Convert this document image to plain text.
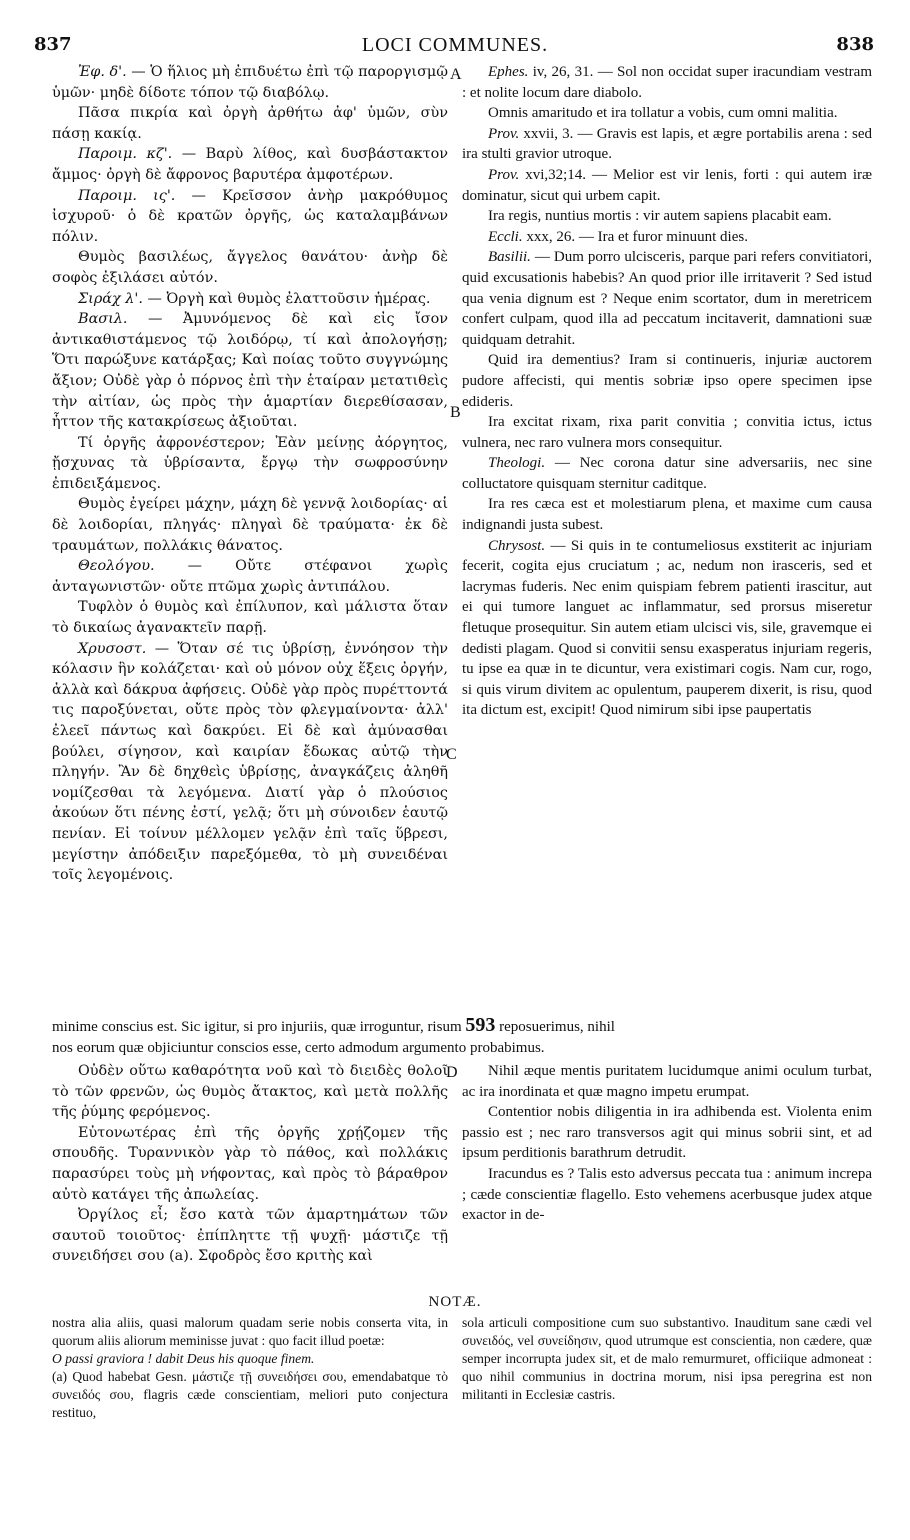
837	LOCI COMMUNES.	838

Ἐφ. δ'. — Ὁ ἥλιος μὴ ἐπιδυέτω ἐπὶ τῷ παροργισμῷ ὑμῶν· μηδὲ δίδοτε τόπον τῷ διαβόλῳ.

Πᾶσα πικρία καὶ ὀργὴ ἀρθήτω ἀφ' ὑμῶν, σὺν πάσῃ κακίᾳ.

Παροιμ. κζ'. — Βαρὺ λίθος, καὶ δυσβάστακτον ἄμμος· ὀργὴ δὲ ἄφρονος βαρυτέρα ἀμφοτέρων.

Παροιμ. ις'. — Κρεῖσσον ἀνὴρ μακρόθυμος ἰσχυροῦ· ὁ δὲ κρατῶν ὀργῆς, ὡς καταλαμβάνων πόλιν.

Θυμὸς βασιλέως, ἄγγελος θανάτου· ἀνὴρ δὲ σοφὸς ἐξιλάσει αὐτόν.

Σιράχ λ'. — Ὀργὴ καὶ θυμὸς ἐλαττοῦσιν ἡμέρας.

Βασιλ. — Ἀμυνόμενος δὲ καὶ εἰς ἴσον ἀντικαθιστάμενος τῷ λοιδόρῳ, τί καὶ ἀπολογήσῃ; Ὅτι παρώξυνε κατάρξας; Καὶ ποίας τοῦτο συγγνώμης ἄξιον; Οὐδὲ γὰρ ὁ πόρνος ἐπὶ τὴν ἑταίραν μετατιθεὶς τὴν αἰτίαν, ὡς πρὸς τὴν ἁμαρτίαν διερεθίσασαν, ἧττον τῆς κατακρίσεως ἀξιοῦται.

Τί ὀργῆς ἀφρονέστερον; Ἐὰν μείνῃς ἀόργητος, ᾔσχυνας τὰ ὑβρίσαντα, ἔργῳ τὴν σωφροσύνην ἐπιδειξάμενος.

Θυμὸς ἐγείρει μάχην, μάχη δὲ γεννᾷ λοιδορίας· αἱ δὲ λοιδορίαι, πληγάς· πληγαὶ δὲ τραύματα· ἐκ δὲ τραυμάτων, πολλάκις θάνατος.

Θεολόγου. — Οὔτε στέφανοι χωρὶς ἀνταγωνιστῶν· οὔτε πτῶμα χωρὶς ἀντιπάλου.

Τυφλὸν ὁ θυμὸς καὶ ἐπίλυπον, καὶ μάλιστα ὅταν τὸ δικαίως ἀγανακτεῖν παρῇ.

Χρυσοστ. — Ὅταν σέ τις ὑβρίσῃ, ἐννόησον τὴν κόλασιν ἣν κολάζεται· καὶ οὐ μόνον οὐχ ἕξεις ὀργήν, ἀλλὰ καὶ δάκρυα ἀφήσεις. Οὐδὲ γὰρ πρὸς πυρέττοντά τις παροξύνεται, οὔτε πρὸς τὸν φλεγμαίνοντα· ἀλλ' ἐλεεῖ πάντως καὶ δακρύει. Εἰ δὲ καὶ ἀμύνασθαι βούλει, σίγησον, καὶ καιρίαν ἔδωκας αὐτῷ τὴν πληγήν. Ἂν δὲ δηχθεὶς ὑβρίσῃς, ἀναγκάζεις ἀληθῆ νομίζεσθαι τὰ λεγόμενα. Διατί γὰρ ὁ πλούσιος ἀκούων ὅτι πένης ἐστί, γελᾷ; ὅτι μὴ σύνοιδεν ἑαυτῷ πενίαν. Εἰ τοίνυν μέλλομεν γελᾷν ἐπὶ ταῖς ὕβρεσι, μεγίστην ἀπόδειξιν παρεξόμεθα, τὸ μὴ συνειδέναι τοῖς λεγομένοις.

Ephes. iv, 26, 31. — Sol non occidat super iracundiam vestram : et nolite locum dare diabolo.

Omnis amaritudo et ira tollatur a vobis, cum omni malitia.

Prov. xxvii, 3. — Gravis est lapis, et ægre portabilis arena : sed ira stulti gravior utroque.

Prov. xvi,32;14. — Melior est vir lenis, forti : qui autem iræ dominatur, sicut qui urbem capit.

Ira regis, nuntius mortis : vir autem sapiens placabit eam.

Eccli. xxx, 26. — Ira et furor minuunt dies.

Basilii. — Dum porro ulcisceris, parque pari refers convitiatori, quid excusationis habebis? An quod prior ille irritaverit ? Sed istud qua venia dignum est ? Neque enim scortator, dum in meretricem confert culpam, quod illa ad peccatum incitaverit, damnationi suæ quidquam detrahit.

Quid ira dementius? Iram si continueris, injuriæ auctorem pudore affecisti, qui mentis sobriæ ipso opere specimen ipse edideris.

Ira excitat rixam, rixa parit convitia ; convitia ictus, ictus vulnera, nec raro vulnera mors consequitur.

Theologi. — Nec corona datur sine adversariis, nec sine colluctatore quisquam sternitur caditque.

Ira res cæca est et molestiarum plena, et maxime cum causa indignandi justa subest.

Chrysost. — Si quis in te contumeliosus exstiterit ac injuriam fecerit, cogita ejus cruciatum ; ac, nedum non irasceris, sed et lacrymas fuderis. Nec enim quispiam febrem patienti irascitur, aut ei qui tumore languet ac inflammatur, sed prorsus miseretur fletuque prosequitur. Sin autem etiam ulcisci vis, sile, gravemque ei dedisti plagam. Quod si convitii sensu exasperatus injuriam regeris, tu ipse ea quæ in te dicuntur, vera existimari cogis. Nam cur, rogo, si quis virum divitem ac opulentum, pauperem dixerit, is risu, quod ita dictum est, excipit! Quod nimirum sibi ipse paupertatis

A
B
C
D

minime conscius est. Sic igitur, si pro injuriis, quæ irroguntur, risum 593 reposuerimus, nihil

nos eorum quæ objiciuntur conscios esse, certo admodum argumento probabimus.

Οὐδὲν οὕτω καθαρότητα νοῦ καὶ τὸ διειδὲς θολοῖ τὸ τῶν φρενῶν, ὡς θυμὸς ἄτακτος, καὶ μετὰ πολλῆς τῆς ῥύμης φερόμενος.

Εὐτονωτέρας ἐπὶ τῆς ὀργῆς χρῄζομεν τῆς σπουδῆς. Τυραννικὸν γὰρ τὸ πάθος, καὶ πολλάκις παρασύρει τοὺς μὴ νήφοντας, καὶ πρὸς τὸ βάραθρον αὐτὸ κατάγει τῆς ἀπωλείας.

Ὀργίλος εἶ; ἔσο κατὰ τῶν ἁμαρτημάτων τῶν σαυτοῦ τοιοῦτος· ἐπίπληττε τῇ ψυχῇ· μάστιζε τῇ συνειδήσει σου (a). Σφοδρὸς ἔσο κριτὴς καὶ

Nihil æque mentis puritatem lucidumque animi oculum turbat, ac ira inordinata et quæ magno impetu erumpat.

Contentior nobis diligentia in ira adhibenda est. Violenta enim passio est ; nec raro transversos agit qui minus sobrii sint, et ad ipsum perditionis barathrum detrudit.

Iracundus es ? Talis esto adversus peccata tua : animum increpa ; cæde conscientiæ flagello. Esto vehemens acerbusque judex atque exactor in de-

NOTÆ.

nostra alia aliis, quasi malorum quadam serie nobis conserta vita, in quorum aliis aliorum meminisse juvat : quo facit illud poetæ:

O passi graviora ! dabit Deus his quoque finem.

(a) Quod habebat Gesn. μάστιζε τῇ συνειδήσει σου, emendabatque τὸ συνειδός σου, flagris cæde conscientiam, meliori puto conjectura restituo,

sola articuli compositione cum suo substantivo. Inauditum sane cædi vel συνειδός, vel συνείδησιν, quod utrumque est conscientia, non cædere, quæ semper incorrupta judex sit, et de malo remurmuret, officiique admoneat : quo nihil communius in doctrina morum, nisi ipsa peregrina est non militanti in Ecclesiæ castris.
